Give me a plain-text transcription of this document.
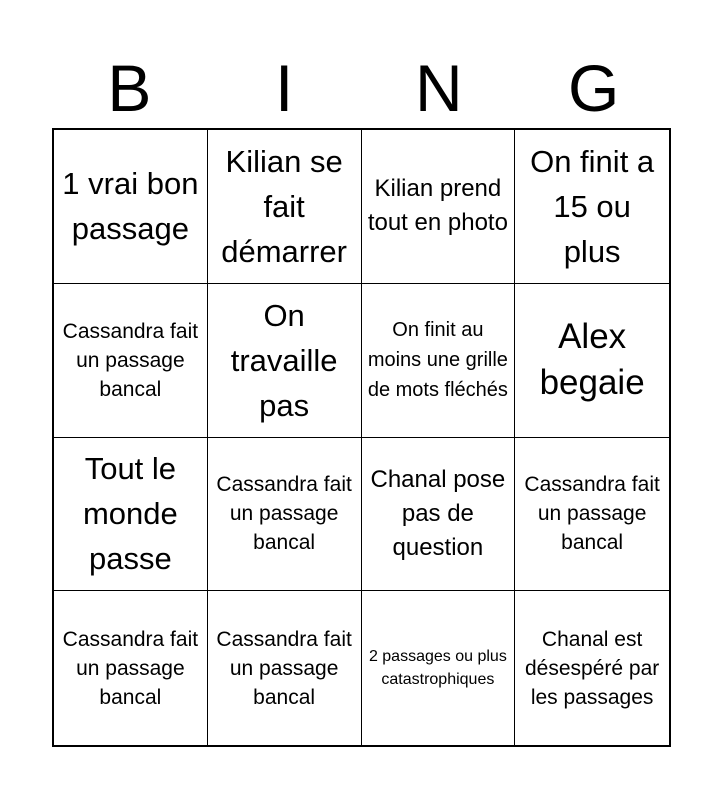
B	I	N	G
1 vrai bon passage
Kilian se fait démarrer
Kilian prend tout en photo
On finit a 15 ou plus
Cassandra fait un passage bancal
On travaille pas
On finit au moins une grille de mots fléchés
Alex begaie
Tout le monde passe
Cassandra fait un passage bancal
Chanal pose pas de question
Cassandra fait un passage bancal
Cassandra fait un passage bancal
Cassandra fait un passage bancal
2 passages ou plus catastrophiques
Chanal est désespéré par les passages
